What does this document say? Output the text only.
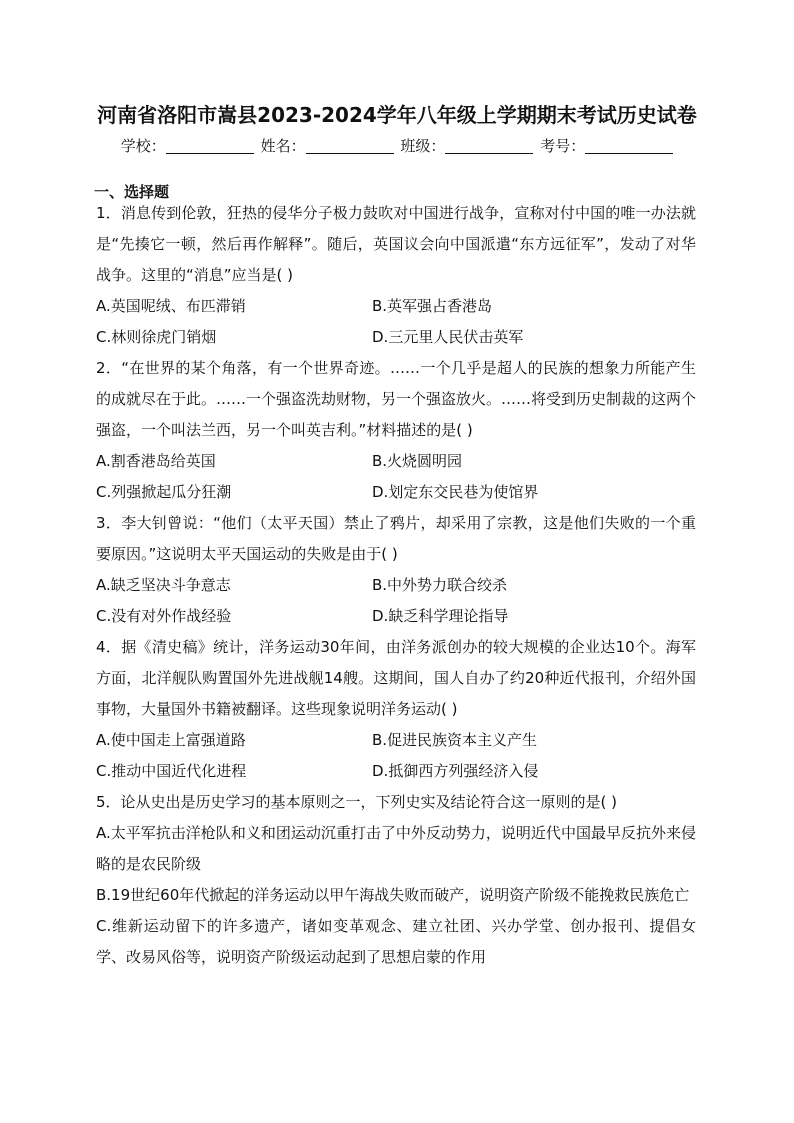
河南省洛阳市嵩县2023-2024学年八年级上学期期末考试历史试卷
学校：	姓名：	班级：	考号：
一、选择题

1．消息传到伦敦，狂热的侵华分子极力鼓吹对中国进行战争，宣称对付中国的唯一办法就是“先揍它一顿，然后再作解释”。随后，英国议会向中国派遣“东方远征军”，发动了对华战争。这里的“消息”应当是( )

A.英国呢绒、布匹滞销	B.英军强占香港岛
C.林则徐虎门销烟	D.三元里人民伏击英军

2．“在世界的某个角落，有一个世界奇迹。……一个几乎是超人的民族的想象力所能产生的成就尽在于此。……一个强盗洗劫财物，另一个强盗放火。……将受到历史制裁的这两个强盗，一个叫法兰西，另一个叫英吉利。”材料描述的是( )

A.割香港岛给英国	B.火烧圆明园
C.列强掀起瓜分狂潮	D.划定东交民巷为使馆界

3．李大钊曾说：“他们（太平天国）禁止了鸦片，却采用了宗教，这是他们失败的一个重要原因。”这说明太平天国运动的失败是由于( )

A.缺乏坚决斗争意志	B.中外势力联合绞杀
C.没有对外作战经验	D.缺乏科学理论指导

4．据《清史稿》统计，洋务运动30年间，由洋务派创办的较大规模的企业达10个。海军方面，北洋舰队购置国外先进战舰14艘。这期间，国人自办了约20种近代报刊，介绍外国事物，大量国外书籍被翻译。这些现象说明洋务运动( )

A.使中国走上富强道路	B.促进民族资本主义产生
C.推动中国近代化进程	D.抵御西方列强经济入侵

5．论从史出是历史学习的基本原则之一，下列史实及结论符合这一原则的是( )

A.太平军抗击洋枪队和义和团运动沉重打击了中外反动势力，说明近代中国最早反抗外来侵略的是农民阶级

B.19世纪60年代掀起的洋务运动以甲午海战失败而破产，说明资产阶级不能挽救民族危亡

C.维新运动留下的许多遗产，诸如变革观念、建立社团、兴办学堂、创办报刊、提倡女学、改易风俗等，说明资产阶级运动起到了思想启蒙的作用
